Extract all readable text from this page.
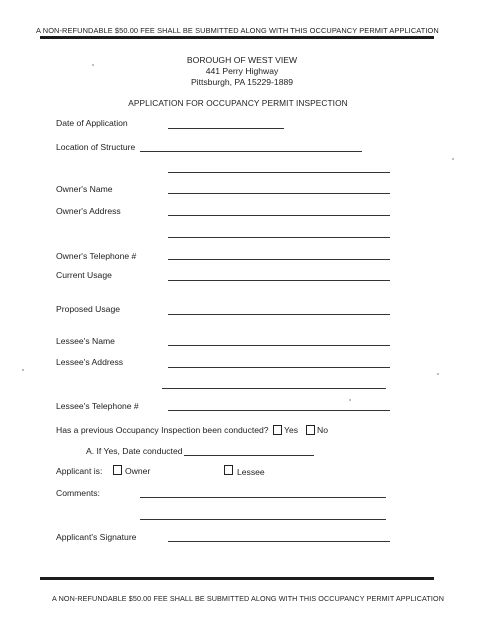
A NON-REFUNDABLE $50.00 FEE SHALL BE SUBMITTED ALONG WITH THIS OCCUPANCY PERMIT APPLICATION
BOROUGH OF WEST VIEW
441 Perry Highway
Pittsburgh, PA 15229-1889
APPLICATION FOR OCCUPANCY PERMIT INSPECTION
Date of Application
Location of Structure
Owner's Name
Owner's Address
Owner's Telephone #
Current Usage
Proposed Usage
Lessee's Name
Lessee's Address
Lessee's Telephone #
Has a previous Occupancy Inspection been conducted? Yes No
A. If Yes, Date conducted
Applicant is:	Owner	Lessee
Comments:
Applicant's Signature
A NON-REFUNDABLE $50.00 FEE SHALL BE SUBMITTED ALONG WITH THIS OCCUPANCY PERMIT APPLICATION
